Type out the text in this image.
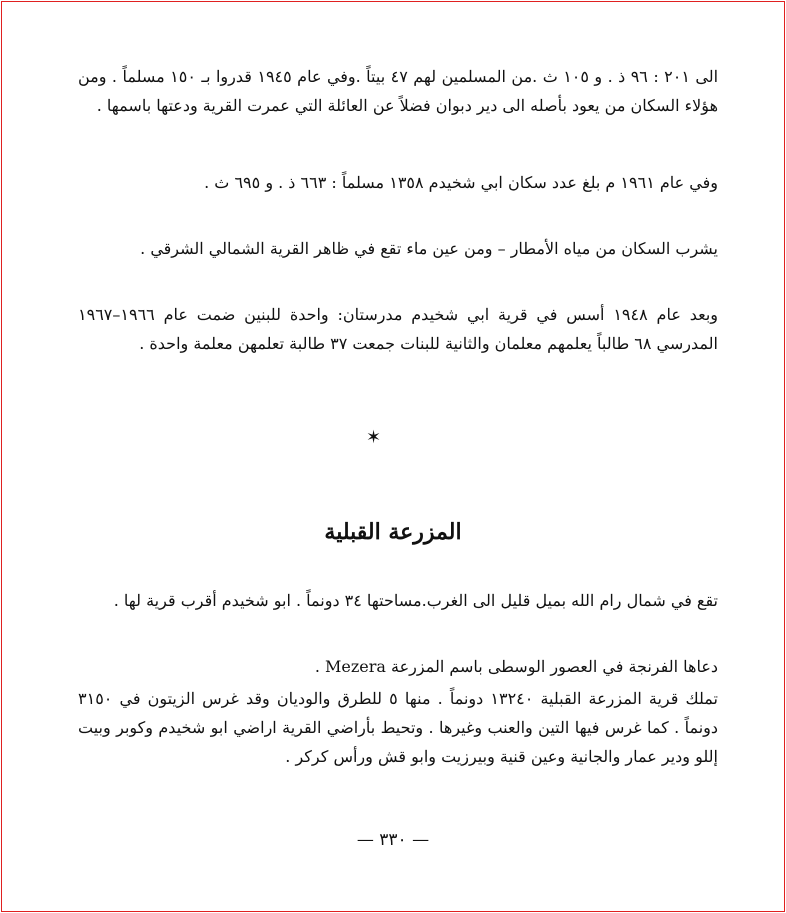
الى ٢٠١ : ٩٦ ذ . و ١٠٥ ث .من المسلمين لهم ٤٧ بيتاً .وفي عام ١٩٤٥ قدروا بـ ١٥٠ مسلماً . ومن هؤلاء السكان من يعود بأصله الى دير دبوان فضلاً عن العائلة التي عمرت القرية ودعتها باسمها .

وفي عام ١٩٦١ م بلغ عدد سكان ابي شخيدم ١٣٥٨ مسلماً : ٦٦٣ ذ . و ٦٩٥ ث .

يشرب السكان من مياه الأمطار – ومن عين ماء تقع في ظاهر القرية الشمالي الشرقي .

وبعد عام ١٩٤٨ أسس في قرية ابي شخيدم مدرستان: واحدة للبنين ضمت عام ١٩٦٦–١٩٦٧ المدرسي ٦٨ طالباً يعلمهم معلمان والثانية للبنات جمعت ٣٧ طالبة تعلمهن معلمة واحدة .

تقع في شمال رام الله بميل قليل الى الغرب.مساحتها ٣٤ دونماً . ابو شخيدم أقرب قرية لها .

دعاها الفرنجة في العصور الوسطى باسم المزرعة Mezera .

تملك قرية المزرعة القبلية ١٣٢٤٠ دونماً . منها ٥ للطرق والوديان وقد غرس الزيتون في ٣١٥٠ دونماً . كما غرس فيها التين والعنب وغيرها . وتحيط بأراضي القرية اراضي ابو شخيدم وكوبر وبيت إللو ودير عمار والجانية وعين قنية وبيرزيت وابو قش ورأس كركر .

✶
المزرعة القبلية
— ٣٣٠ —
